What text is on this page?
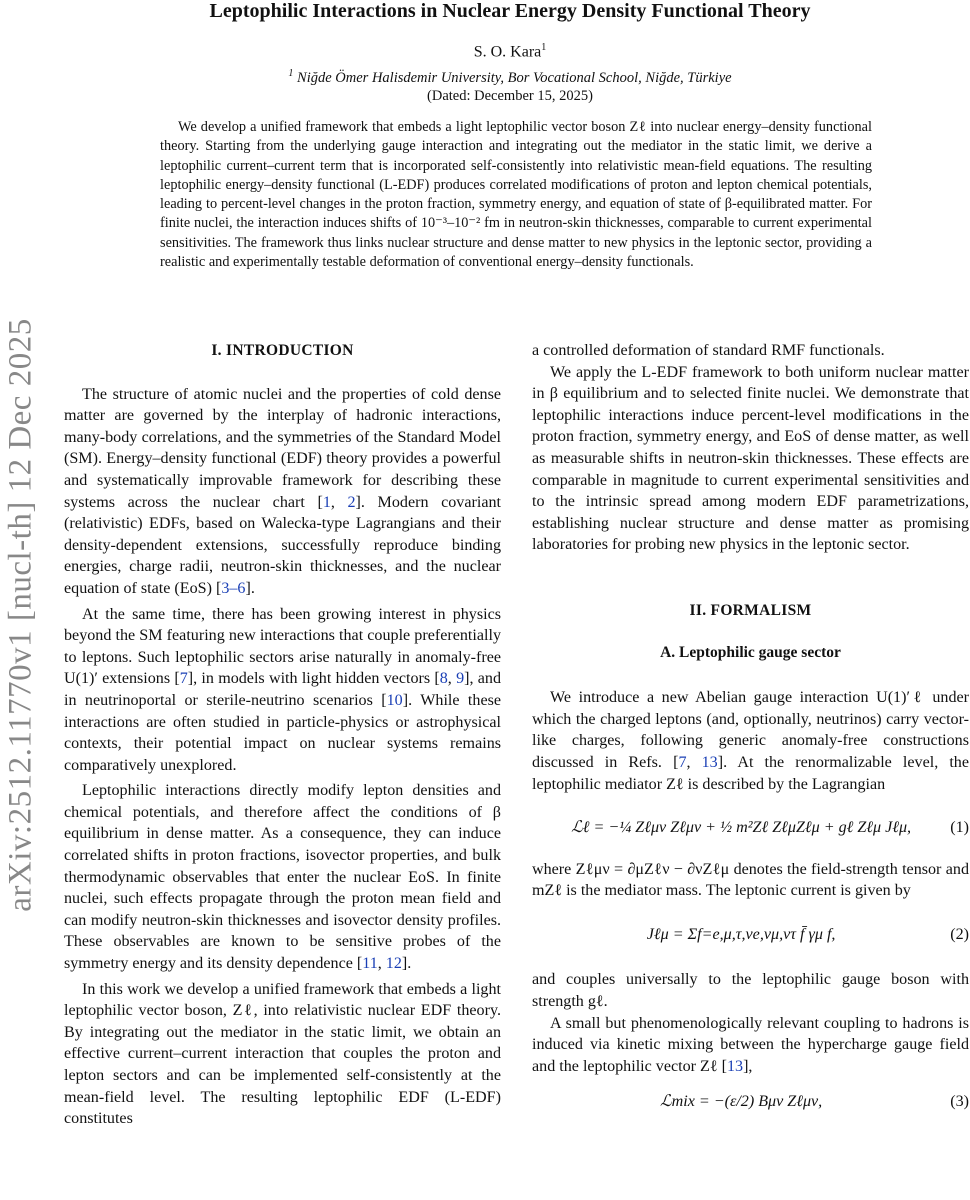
arXiv:2512.11770v1 [nucl-th] 12 Dec 2025
Leptophilic Interactions in Nuclear Energy Density Functional Theory
S. O. Kara$^1$
$^1$ Niğde Ömer Halisdemir University, Bor Vocational School, Niğde, Türkiye
(Dated: December 15, 2025)
We develop a unified framework that embeds a light leptophilic vector boson Zℓ into nuclear energy–density functional theory. Starting from the underlying gauge interaction and integrating out the mediator in the static limit, we derive a leptophilic current–current term that is incorporated self-consistently into relativistic mean-field equations. The resulting leptophilic energy–density functional (L-EDF) produces correlated modifications of proton and lepton chemical potentials, leading to percent-level changes in the proton fraction, symmetry energy, and equation of state of β-equilibrated matter. For finite nuclei, the interaction induces shifts of 10⁻³–10⁻² fm in neutron-skin thicknesses, comparable to current experimental sensitivities. The framework thus links nuclear structure and dense matter to new physics in the leptonic sector, providing a realistic and experimentally testable deformation of conventional energy–density functionals.
I. INTRODUCTION

The structure of atomic nuclei and the properties of cold dense matter are governed by the interplay of hadronic interactions, many-body correlations, and the symmetries of the Standard Model (SM). Energy–density functional (EDF) theory provides a powerful and systematically improvable framework for describing these systems across the nuclear chart [1, 2]. Modern covariant (relativistic) EDFs, based on Walecka-type Lagrangians and their density-dependent extensions, successfully reproduce binding energies, charge radii, neutron-skin thicknesses, and the nuclear equation of state (EoS) [3–6].

At the same time, there has been growing interest in physics beyond the SM featuring new interactions that couple preferentially to leptons. Such leptophilic sectors arise naturally in anomaly-free U(1)′ extensions [7], in models with light hidden vectors [8, 9], and in neutrinoportal or sterile-neutrino scenarios [10]. While these interactions are often studied in particle-physics or astrophysical contexts, their potential impact on nuclear systems remains comparatively unexplored.

Leptophilic interactions directly modify lepton densities and chemical potentials, and therefore affect the conditions of β equilibrium in dense matter. As a consequence, they can induce correlated shifts in proton fractions, isovector properties, and bulk thermodynamic observables that enter the nuclear EoS. In finite nuclei, such effects propagate through the proton mean field and can modify neutron-skin thicknesses and isovector density profiles. These observables are known to be sensitive probes of the symmetry energy and its density dependence [11, 12].

In this work we develop a unified framework that embeds a light leptophilic vector boson, Zℓ, into relativistic nuclear EDF theory. By integrating out the mediator in the static limit, we obtain an effective current–current interaction that couples the proton and lepton sectors and can be implemented self-consistently at the mean-field level. The resulting leptophilic EDF (L-EDF) constitutes

a controlled deformation of standard RMF functionals.

We apply the L-EDF framework to both uniform nuclear matter in β equilibrium and to selected finite nuclei. We demonstrate that leptophilic interactions induce percent-level modifications in the proton fraction, symmetry energy, and EoS of dense matter, as well as measurable shifts in neutron-skin thicknesses. These effects are comparable in magnitude to current experimental sensitivities and to the intrinsic spread among modern EDF parametrizations, establishing nuclear structure and dense matter as promising laboratories for probing new physics in the leptonic sector.

II. FORMALISM
A. Leptophilic gauge sector

We introduce a new Abelian gauge interaction U(1)′ℓ under which the charged leptons (and, optionally, neutrinos) carry vector-like charges, following generic anomaly-free constructions discussed in Refs. [7, 13]. At the renormalizable level, the leptophilic mediator Zℓ is described by the Lagrangian

ℒℓ = −¼ Zℓμν Zℓμν + ½ m²Zℓ ZℓμZℓμ + gℓ Zℓμ Jℓμ,	(1)

where Zℓμν = ∂μZℓν − ∂νZℓμ denotes the field-strength tensor and mZℓ is the mediator mass. The leptonic current is given by

Jℓμ = Σf=e,μ,τ,νe,νμ,ντ f̄ γμ f,	(2)

and couples universally to the leptophilic gauge boson with strength gℓ.

A small but phenomenologically relevant coupling to hadrons is induced via kinetic mixing between the hypercharge gauge field and the leptophilic vector Zℓ [13],

ℒmix = −(ε/2) Bμν Zℓμν,	(3)
